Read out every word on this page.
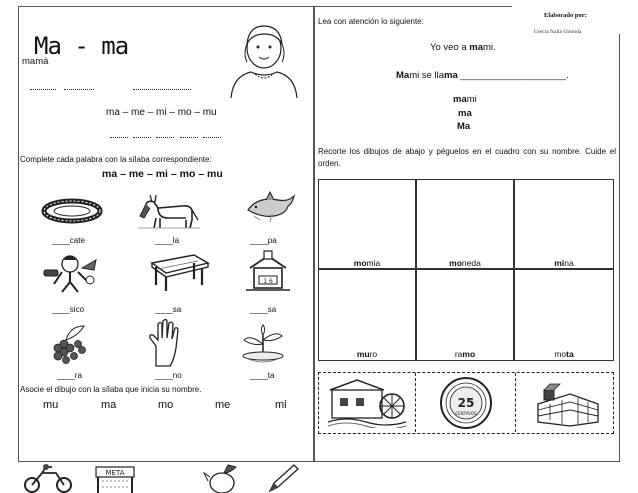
Elaborado por:
Grecia Nalla Gironda
Ma - ma
mamá
ma – me – mi – mo – mu
Complete cada palabra con la sílaba correspondiente:
ma – me – mi – mo – mu
____cate	____la	____pa
1 6
____sico	____sa	____sa
____ra	____no	____ta
Asocie el dibujo con la sílaba que inicia su nombre.
mu	ma	mo	me	mi
META
Lea con atención lo siguiente:
Yo veo a mami.
Mami se llama ____________________.
mami
ma
Ma
Recorte los dibujos de abajo y péguelos en el cuadro con su nombre. Cuide el orden.
momia	moneda	mina
muro	ramo	mota
25
CENTAVOS
